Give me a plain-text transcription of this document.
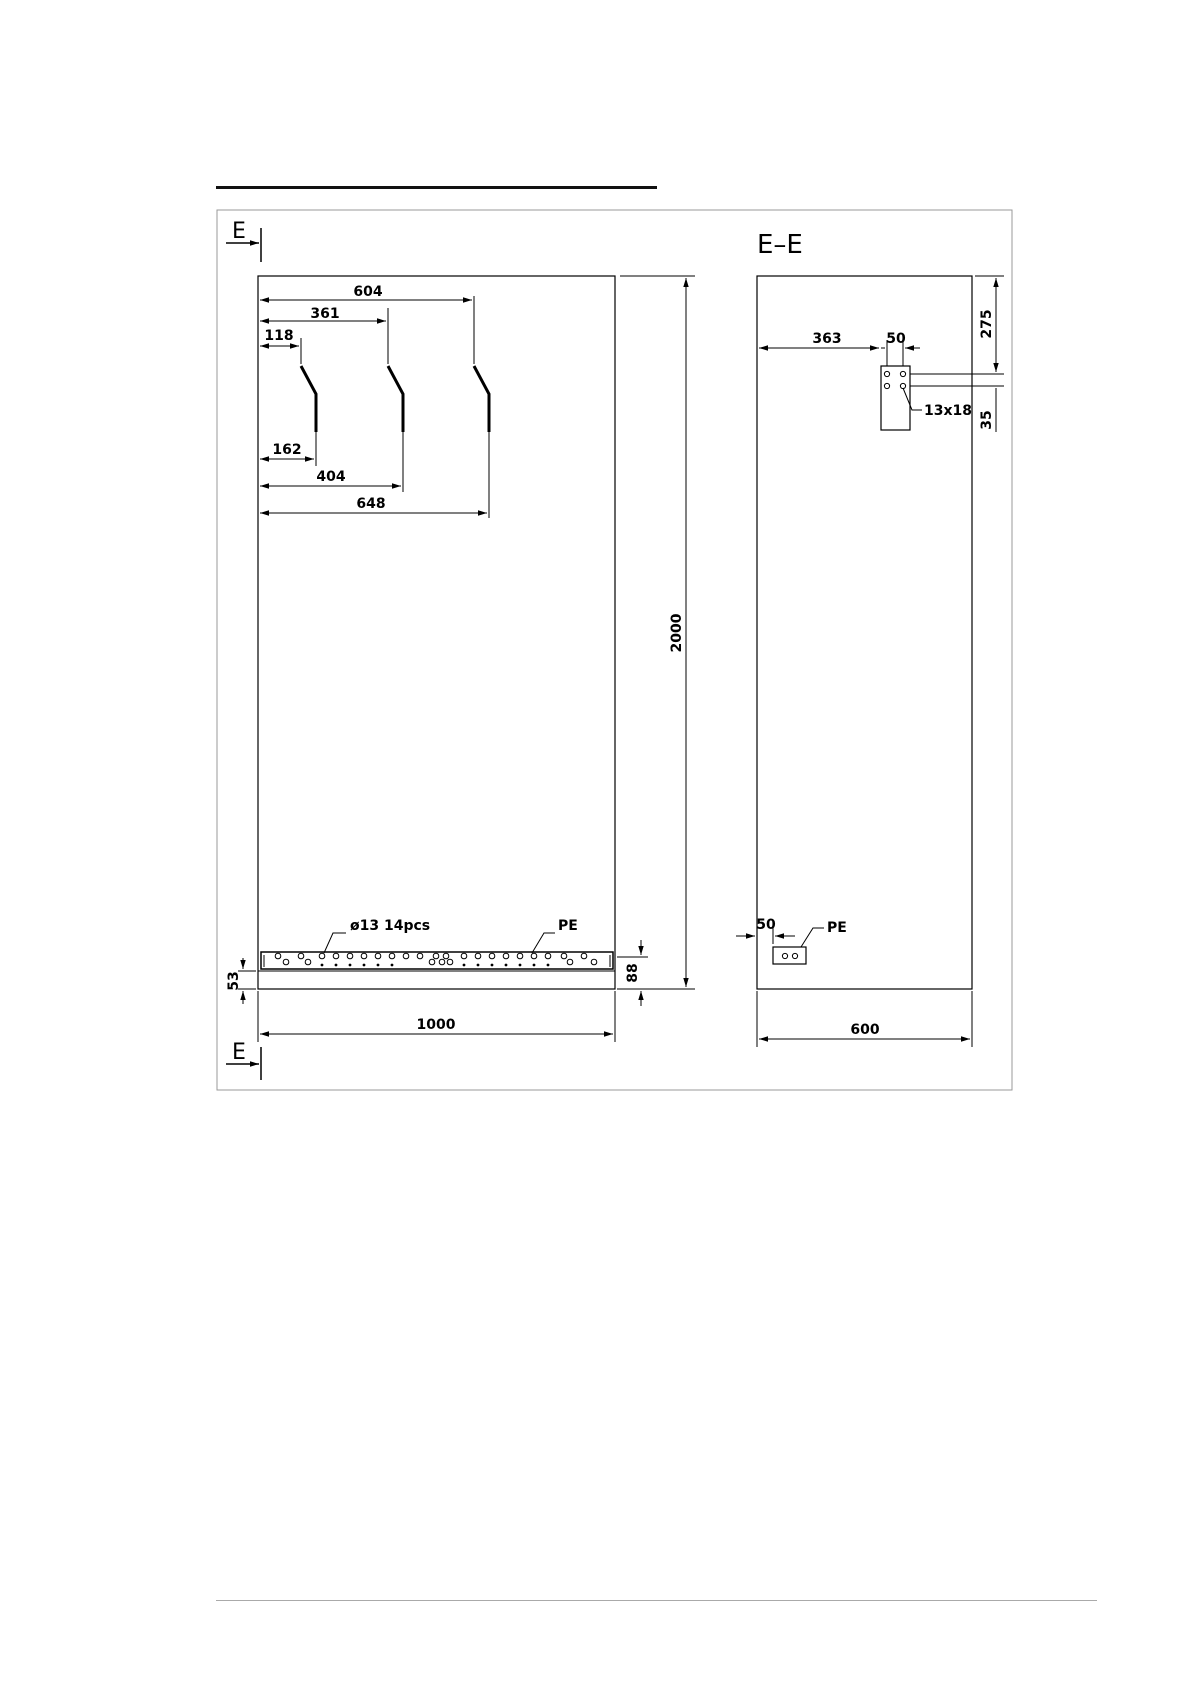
E
E
E–E
604
361
118
162
404
648
2000
ø13 14pcs	PE
53	88
1000
363	50
275
35
13x18
PE
50
600
